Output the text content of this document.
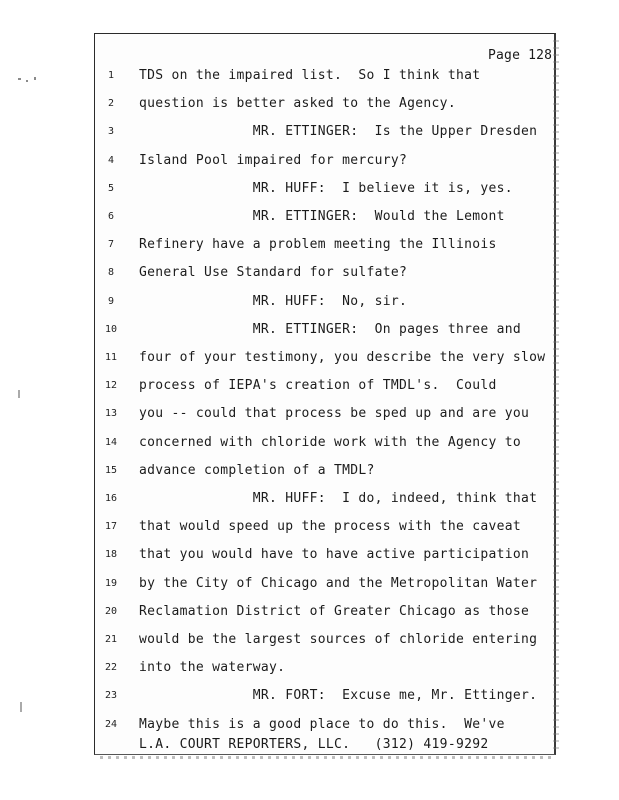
Page 128
1	TDS on the impaired list.  So I think that
2	question is better asked to the Agency.
3	MR. ETTINGER:  Is the Upper Dresden
4	Island Pool impaired for mercury?
5	MR. HUFF:  I believe it is, yes.
6	MR. ETTINGER:  Would the Lemont
7	Refinery have a problem meeting the Illinois
8	General Use Standard for sulfate?
9	MR. HUFF:  No, sir.
10	MR. ETTINGER:  On pages three and
11	four of your testimony, you describe the very slow
12	process of IEPA's creation of TMDL's.  Could
13	you -- could that process be sped up and are you
14	concerned with chloride work with the Agency to
15	advance completion of a TMDL?
16	MR. HUFF:  I do, indeed, think that
17	that would speed up the process with the caveat
18	that you would have to have active participation
19	by the City of Chicago and the Metropolitan Water
20	Reclamation District of Greater Chicago as those
21	would be the largest sources of chloride entering
22	into the waterway.
23	MR. FORT:  Excuse me, Mr. Ettinger.
24	Maybe this is a good place to do this.  We've
L.A. COURT REPORTERS, LLC.   (312) 419-9292
